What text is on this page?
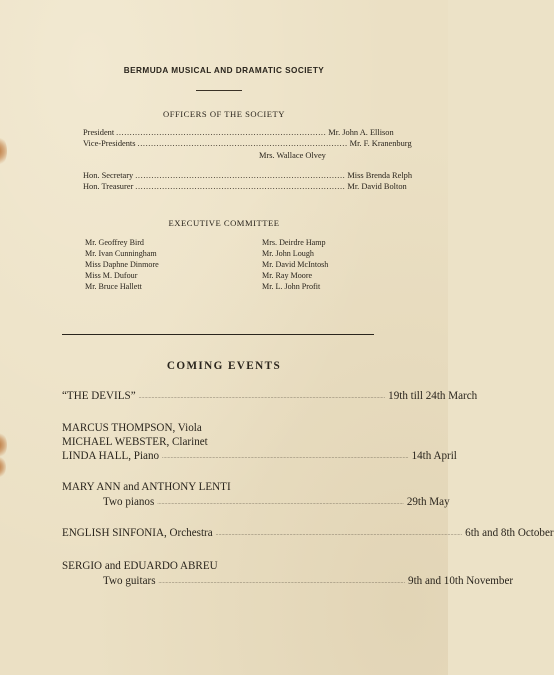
BERMUDA MUSICAL AND DRAMATIC SOCIETY
OFFICERS OF THE SOCIETY
President .............................................................................. Mr. John A. Ellison
Vice-Presidents .............................................................................. Mr. F. Kranenburg
Mrs. Wallace Olvey
Hon. Secretary .............................................................................. Miss Brenda Relph
Hon. Treasurer .............................................................................. Mr. David Bolton
EXECUTIVE COMMITTEE
Mr. Geoffrey Bird
Mr. Ivan Cunningham
Miss Daphne Dinmore
Miss M. Dufour
Mr. Bruce Hallett
Mrs. Deirdre Hamp
Mr. John Lough
Mr. David McIntosh
Mr. Ray Moore
Mr. L. John Profit
COMING EVENTS
“THE DEVILS” .......................................................................................................................................................................... 19th till 24th March
MARCUS THOMPSON, Viola
MICHAEL WEBSTER, Clarinet
LINDA HALL, Piano .......................................................................................................................................................................... 14th April
MARY ANN and ANTHONY LENTI
Two pianos .......................................................................................................................................................................... 29th May
ENGLISH SINFONIA, Orchestra .......................................................................................................................................................................... 6th and 8th October
SERGIO and EDUARDO ABREU
Two guitars .......................................................................................................................................................................... 9th and 10th November
